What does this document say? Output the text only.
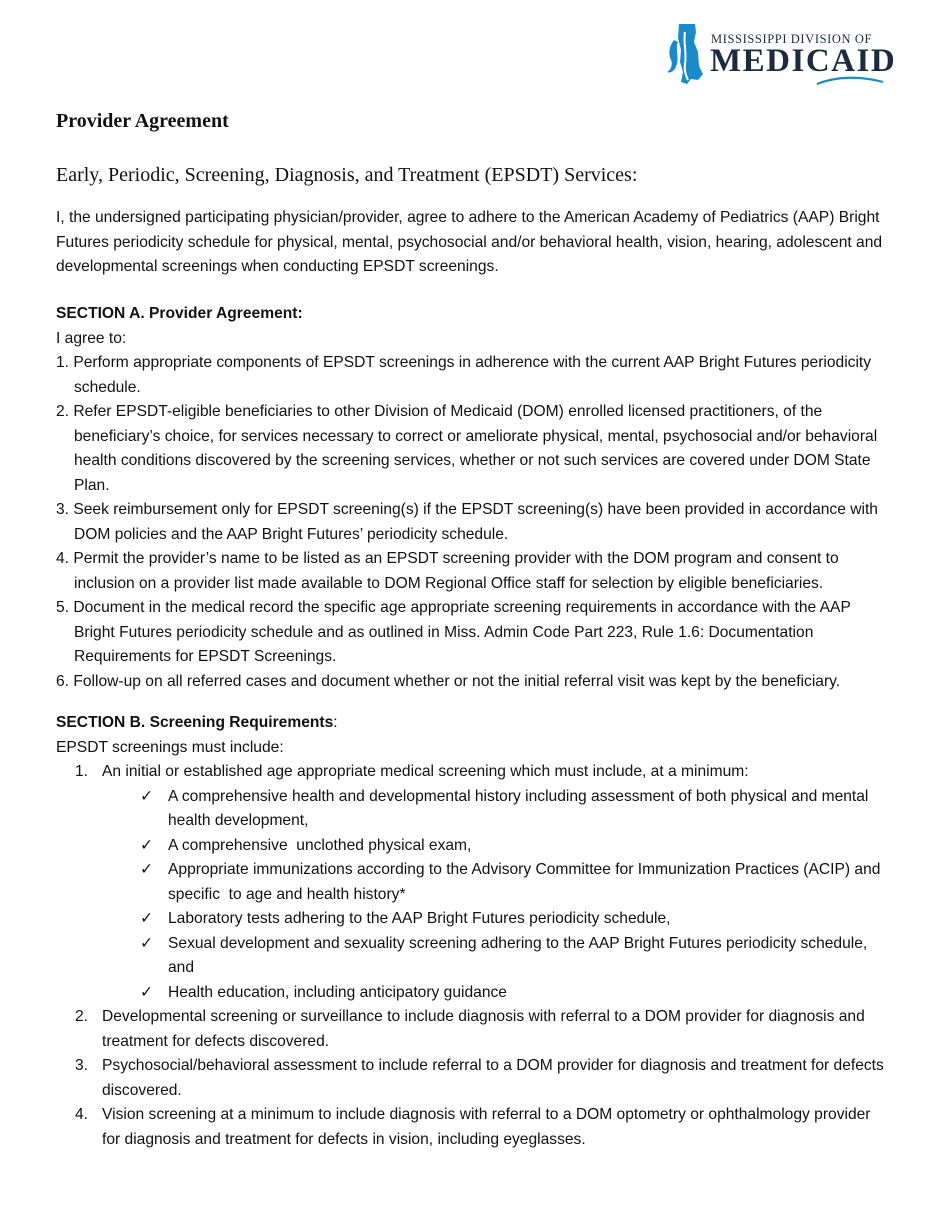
MISSISSIPPI DIVISION OF
MEDICAID
Provider Agreement
Early, Periodic, Screening, Diagnosis, and Treatment (EPSDT) Services:

I, the undersigned participating physician/provider, agree to adhere to the American Academy of Pediatrics (AAP) Bright Futures periodicity schedule for physical, mental, psychosocial and/or behavioral health, vision, hearing, adolescent and developmental screenings when conducting EPSDT screenings.

SECTION A. Provider Agreement:

I agree to:

1. Perform appropriate components of EPSDT screenings in adherence with the current AAP Bright Futures periodicity schedule.
2. Refer EPSDT-eligible beneficiaries to other Division of Medicaid (DOM) enrolled licensed practitioners, of the beneficiary’s choice, for services necessary to correct or ameliorate physical, mental, psychosocial and/or behavioral health conditions discovered by the screening services, whether or not such services are covered under DOM State Plan.
3. Seek reimbursement only for EPSDT screening(s) if the EPSDT screening(s) have been provided in accordance with DOM policies and the AAP Bright Futures’ periodicity schedule.
4. Permit the provider’s name to be listed as an EPSDT screening provider with the DOM program and consent to inclusion on a provider list made available to DOM Regional Office staff for selection by eligible beneficiaries.
5. Document in the medical record the specific age appropriate screening requirements in accordance with the AAP Bright Futures periodicity schedule and as outlined in Miss. Admin Code Part 223, Rule 1.6: Documentation Requirements for EPSDT Screenings.
6. Follow-up on all referred cases and document whether or not the initial referral visit was kept by the beneficiary.

SECTION B. Screening Requirements:

EPSDT screenings must include:

1. An initial or established age appropriate medical screening which must include, at a minimum:
✓ A comprehensive health and developmental history including assessment of both physical and mental health development,
✓ A comprehensive  unclothed physical exam,
✓ Appropriate immunizations according to the Advisory Committee for Immunization Practices (ACIP) and specific  to age and health history*
✓ Laboratory tests adhering to the AAP Bright Futures periodicity schedule,
✓ Sexual development and sexuality screening adhering to the AAP Bright Futures periodicity schedule, and
✓ Health education, including anticipatory guidance
2. Developmental screening or surveillance to include diagnosis with referral to a DOM provider for diagnosis and treatment for defects discovered.
3. Psychosocial/behavioral assessment to include referral to a DOM provider for diagnosis and treatment for defects discovered.
4. Vision screening at a minimum to include diagnosis with referral to a DOM optometry or ophthalmology provider for diagnosis and treatment for defects in vision, including eyeglasses.
